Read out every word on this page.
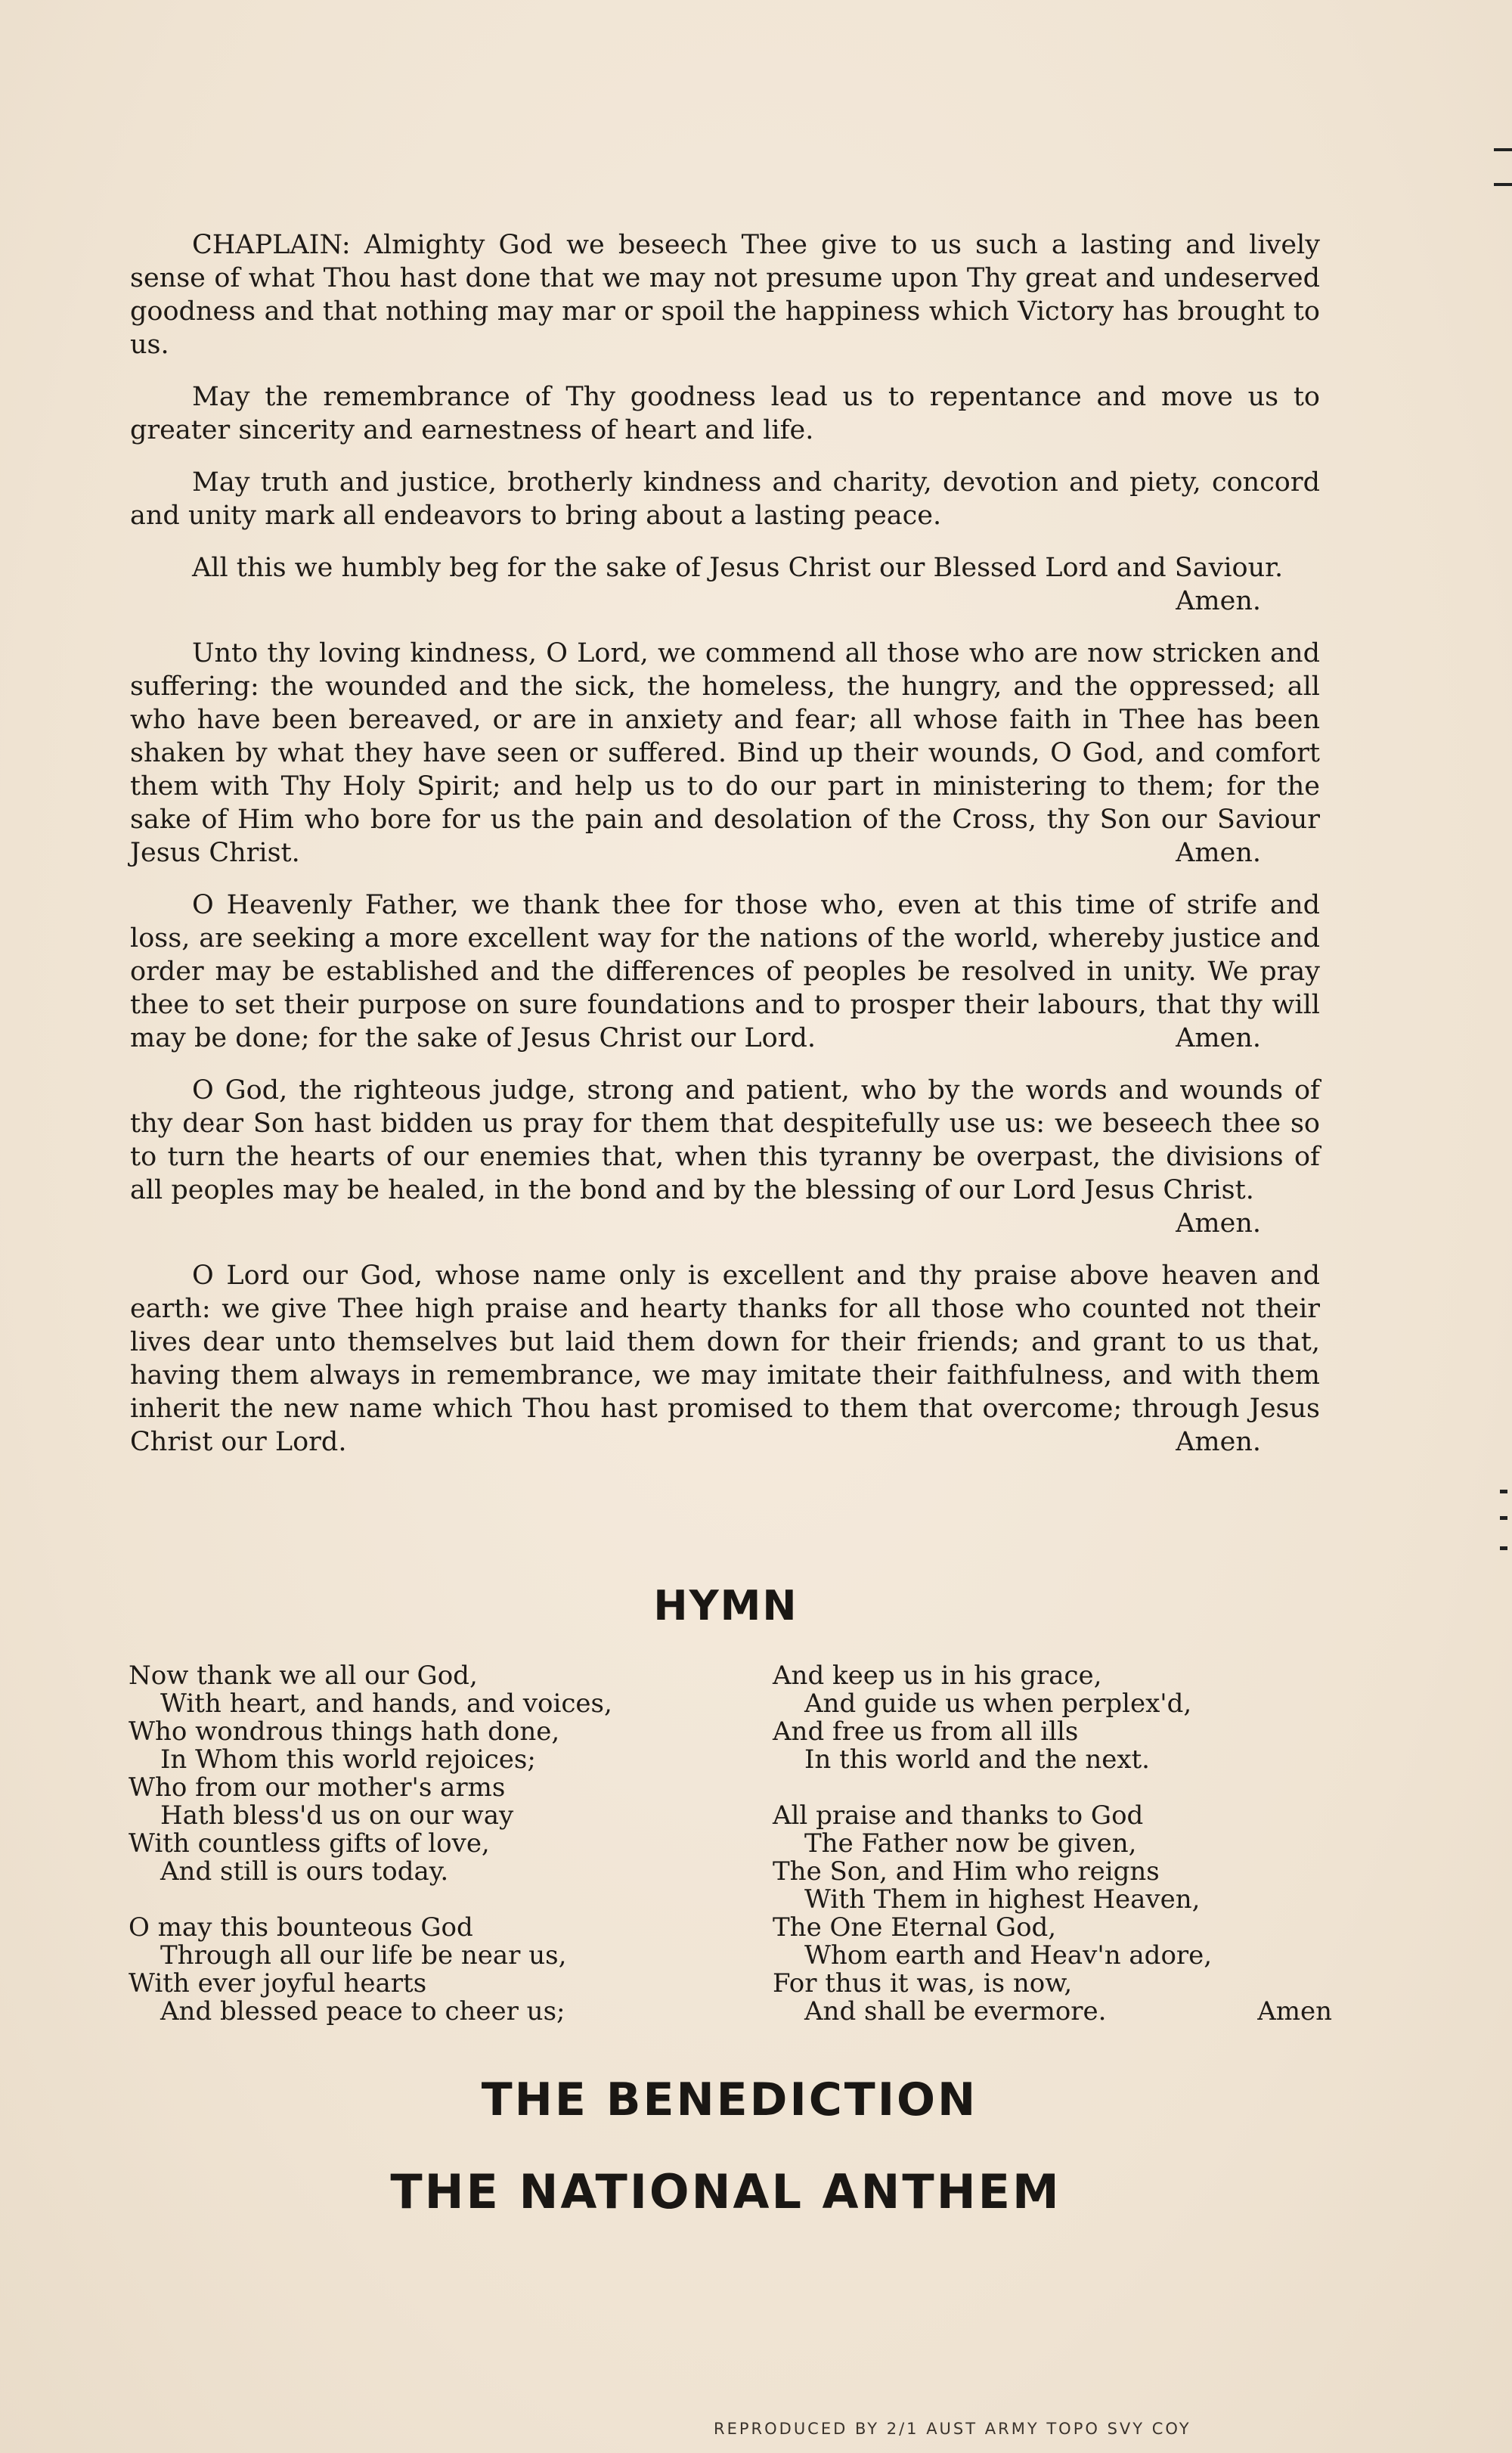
CHAPLAIN: Almighty God we beseech Thee give to us such a lasting and lively sense of what Thou hast done that we may not presume upon Thy great and undeserved goodness and that nothing may mar or spoil the happiness which Victory has brought to us.

May the remembrance of Thy goodness lead us to repentance and move us to greater sincerity and earnestness of heart and life.

May truth and justice, brotherly kindness and charity, devotion and piety, concord and unity mark all endeavors to bring about a lasting peace.

All this we humbly beg for the sake of Jesus Christ our Blessed Lord and Saviour.
Amen.

Unto thy loving kindness, O Lord, we commend all those who are now stricken and suffering: the wounded and the sick, the homeless, the hungry, and the oppressed; all who have been bereaved, or are in anxiety and fear; all whose faith in Thee has been shaken by what they have seen or suffered. Bind up their wounds, O God, and comfort them with Thy Holy Spirit; and help us to do our part in ministering to them; for the sake of Him who bore for us the pain and desolation of the Cross, thy Son our Saviour Jesus Christ.	Amen.

O Heavenly Father, we thank thee for those who, even at this time of strife and loss, are seeking a more excellent way for the nations of the world, whereby justice and order may be established and the differences of peoples be resolved in unity. We pray thee to set their purpose on sure foundations and to prosper their labours, that thy will may be done; for the sake of Jesus Christ our Lord.	Amen.

O God, the righteous judge, strong and patient, who by the words and wounds of thy dear Son hast bidden us pray for them that despitefully use us: we beseech thee so to turn the hearts of our enemies that, when this tyranny be overpast, the divisions of all peoples may be healed, in the bond and by the blessing of our Lord Jesus Christ.
Amen.

O Lord our God, whose name only is excellent and thy praise above heaven and earth: we give Thee high praise and hearty thanks for all those who counted not their lives dear unto themselves but laid them down for their friends; and grant to us that, having them always in remembrance, we may imitate their faithfulness, and with them inherit the new name which Thou hast promised to them that overcome; through Jesus Christ our Lord.	Amen.

HYMN
Now thank we all our God,
With heart, and hands, and voices,
Who wondrous things hath done,
In Whom this world rejoices;
Who from our mother's arms
Hath bless'd us on our way
With countless gifts of love,
And still is ours today.
O may this bounteous God
Through all our life be near us,
With ever joyful hearts
And blessed peace to cheer us;
And keep us in his grace,
And guide us when perplex'd,
And free us from all ills
In this world and the next.
All praise and thanks to God
The Father now be given,
The Son, and Him who reigns
With Them in highest Heaven,
The One Eternal God,
Whom earth and Heav'n adore,
For thus it was, is now,
And shall be evermore.	Amen
THE BENEDICTION
THE NATIONAL ANTHEM
REPRODUCED BY 2/1 AUST ARMY TOPO SVY COY
